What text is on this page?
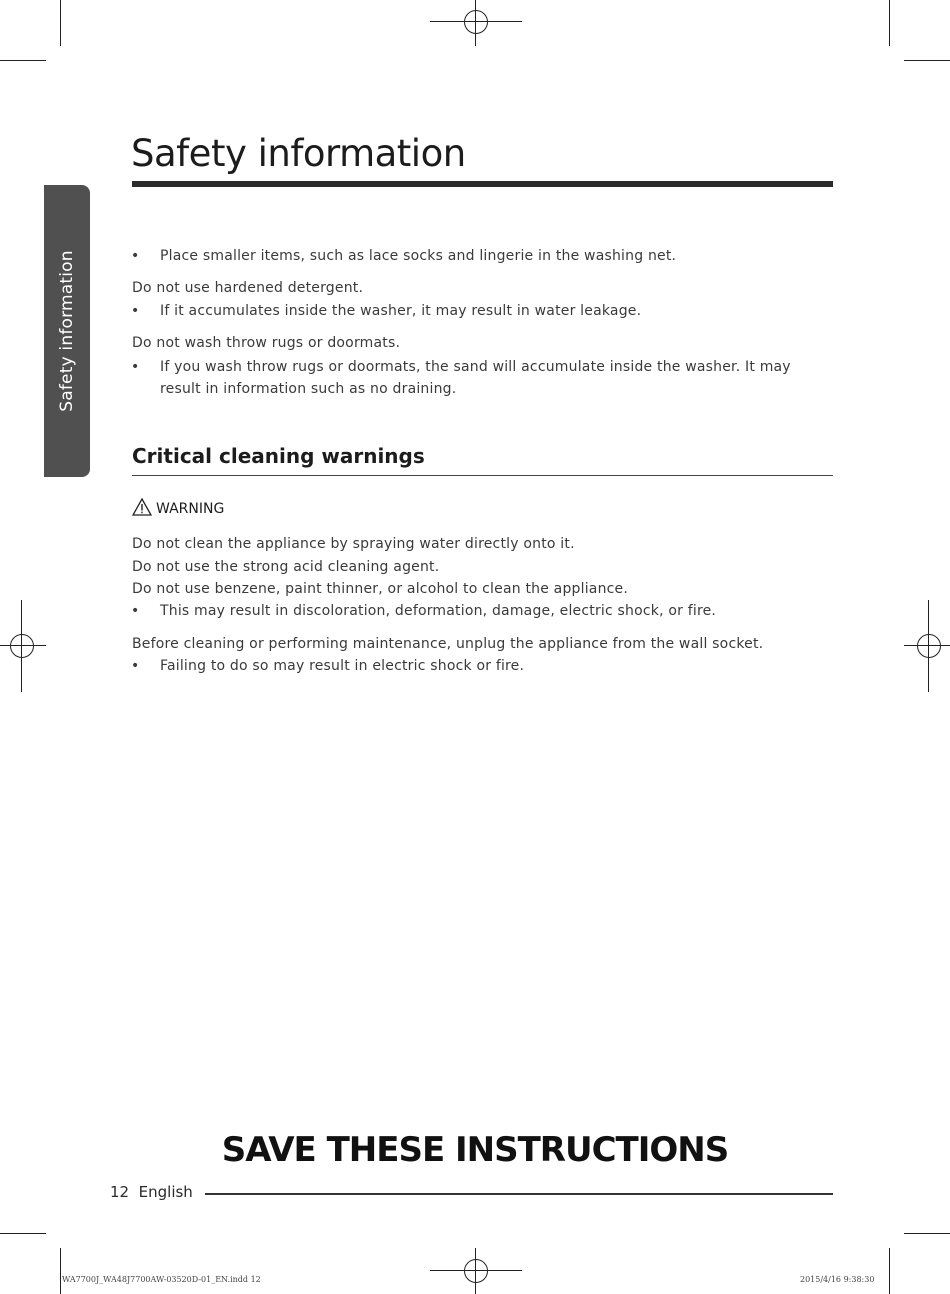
Safety information
Safety information	•	Place smaller items, such as lace socks and lingerie in the washing net.
Do not use hardened detergent.
•	If it accumulates inside the washer, it may result in water leakage.
Do not wash throw rugs or doormats.
•	If you wash throw rugs or doormats, the sand will accumulate inside the washer. It may result in information such as no draining.
Critical cleaning warnings
WARNING
Do not clean the appliance by spraying water directly onto it.
Do not use the strong acid cleaning agent.
Do not use benzene, paint thinner, or alcohol to clean the appliance.
•	This may result in discoloration, deformation, damage, electric shock, or fire.
Before cleaning or performing maintenance, unplug the appliance from the wall socket.
•	Failing to do so may result in electric shock or fire.
SAVE THESE INSTRUCTIONS
12 English
WA7700J_WA48J7700AW-03520D-01_EN.indd 12	2015/4/16 9:38:30
